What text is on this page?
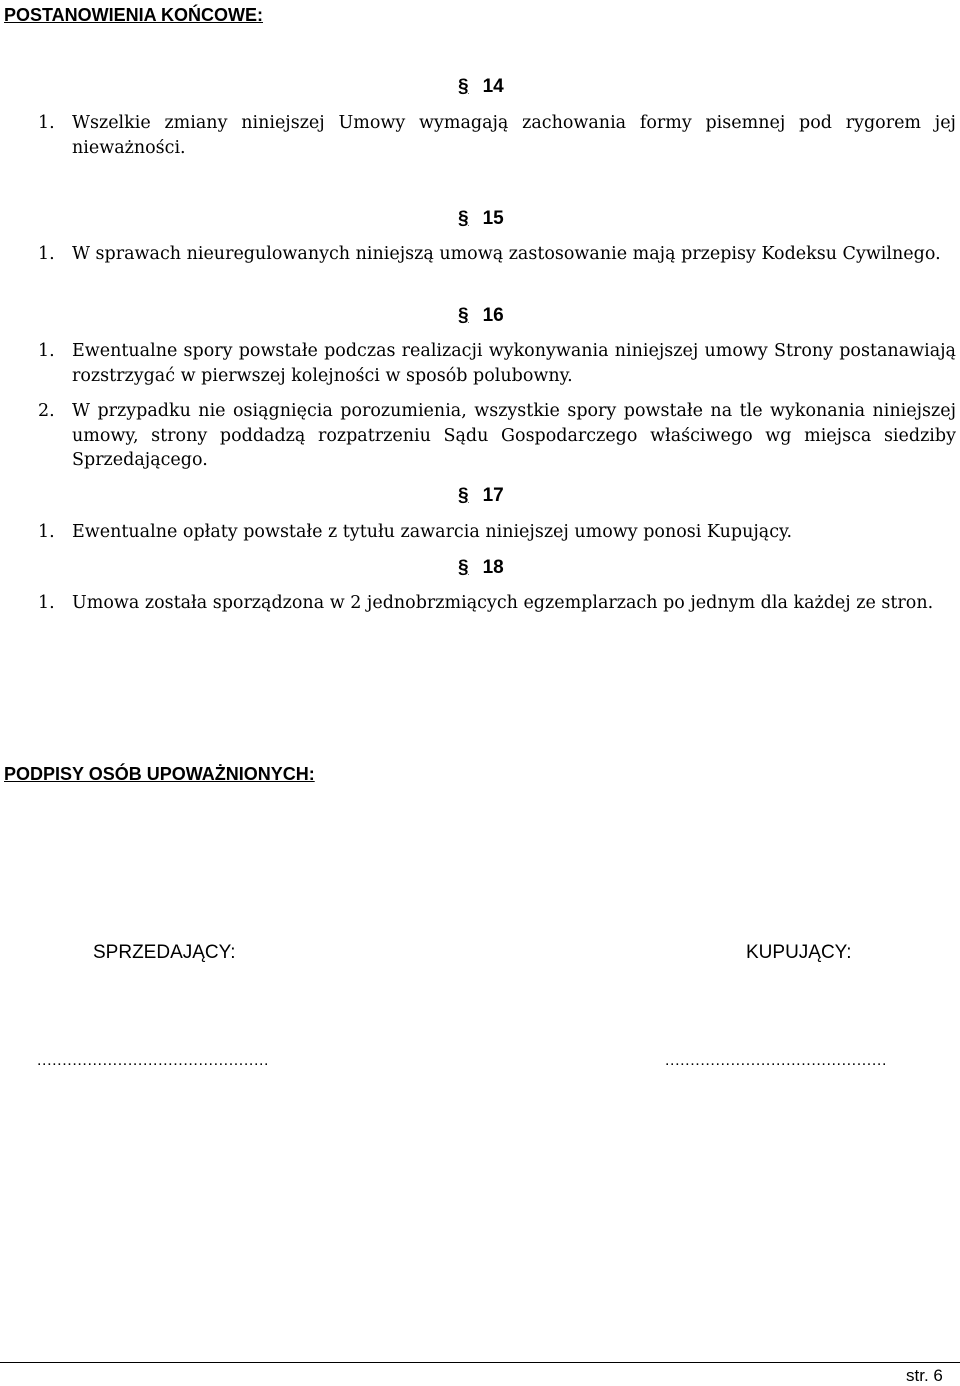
POSTANOWIENIA KOŃCOWE:
§ 14
1. Wszelkie zmiany niniejszej Umowy wymagają zachowania formy pisemnej pod rygorem jej nieważności.
§ 15
1. W sprawach nieuregulowanych niniejszą umową zastosowanie mają przepisy Kodeksu Cywilnego.
§ 16
1. Ewentualne spory powstałe podczas realizacji wykonywania niniejszej umowy Strony postanawiają rozstrzygać w pierwszej kolejności w sposób polubowny.
2. W przypadku nie osiągnięcia porozumienia, wszystkie spory powstałe na tle wykonania niniejszej umowy, strony poddadzą rozpatrzeniu Sądu Gospodarczego właściwego wg miejsca siedziby Sprzedającego.
§ 17
1. Ewentualne opłaty powstałe z tytułu zawarcia niniejszej umowy ponosi Kupujący.
§ 18
1. Umowa została sporządzona w 2 jednobrzmiących egzemplarzach po jednym dla każdej ze stron.
PODPISY OSÓB UPOWAŻNIONYCH:
SPRZEDAJĄCY:	KUPUJĄCY:
..............................................	............................................
str. 6
